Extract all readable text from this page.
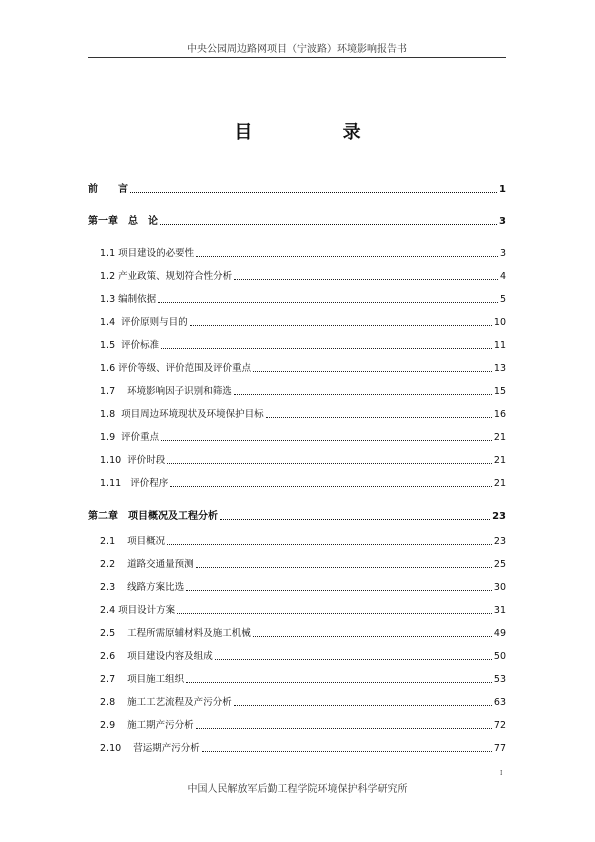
中央公园周边路网项目（宁波路）环境影响报告书
目 录
前　　言	1
第一章　总　论	3
1.1 项目建设的必要性	3
1.2 产业政策、规划符合性分析	4
1.3 编制依据	5
1.4  评价原则与目的	10
1.5  评价标准	11
1.6 评价等级、评价范围及评价重点	13
1.7    环境影响因子识别和筛选	15
1.8  项目周边环境现状及环境保护目标	16
1.9  评价重点	21
1.10  评价时段	21
1.11   评价程序	21
第二章　项目概况及工程分析	23
2.1    项目概况	23
2.2    道路交通量预测	25
2.3    线路方案比选	30
2.4 项目设计方案	31
2.5    工程所需原辅材料及施工机械	49
2.6    项目建设内容及组成	50
2.7    项目施工组织	53
2.8    施工工艺流程及产污分析	63
2.9    施工期产污分析	72
2.10    营运期产污分析	77
I
中国人民解放军后勤工程学院环境保护科学研究所
